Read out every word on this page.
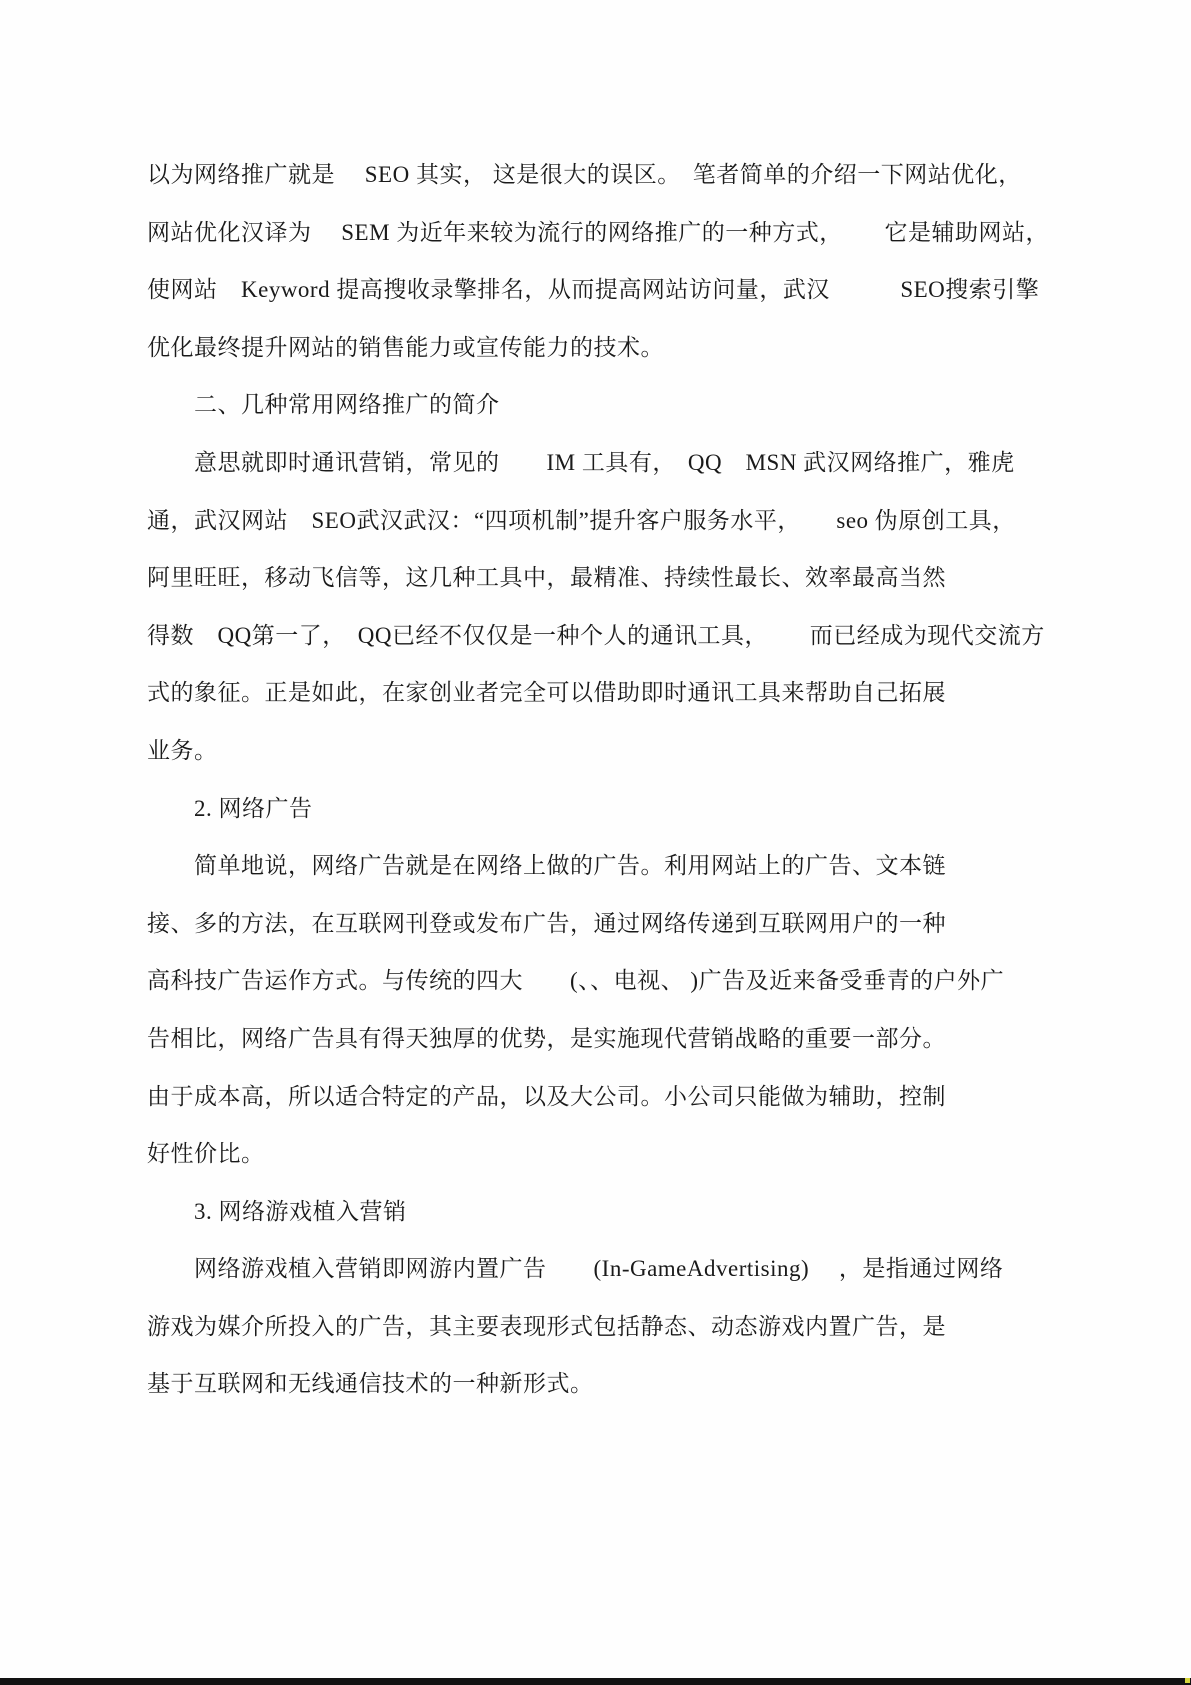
以为网络推广就是　 SEO 其实， 这是很大的误区。　笔者简单的介绍一下网站优化，
网站优化汉译为　 SEM 为近年来较为流行的网络推广的一种方式，　　 它是辅助网站，
使网站　Keyword 提高搜收录擎排名，从而提高网站访问量，武汉　　　SEO搜索引擎
优化最终提升网站的销售能力或宣传能力的技术。
　　二、几种常用网络推广的简介
　　意思就即时通讯营销，常见的　　IM 工具有，　QQ　MSN 武汉网络推广，雅虎
通，武汉网站　SEO武汉武汉：“四项机制”提升客户服务水平，　　seo 伪原创工具，
阿里旺旺，移动飞信等，这几种工具中，最精准、持续性最长、效率最高当然
得数　QQ第一了，　QQ已经不仅仅是一种个人的通讯工具，　　 而已经成为现代交流方
式的象征。正是如此，在家创业者完全可以借助即时通讯工具来帮助自己拓展
业务。
　　2. 网络广告
　　简单地说，网络广告就是在网络上做的广告。利用网站上的广告、文本链
接、多的方法，在互联网刊登或发布广告，通过网络传递到互联网用户的一种
高科技广告运作方式。与传统的四大　　(、、电视、 )广告及近来备受垂青的户外广
告相比，网络广告具有得天独厚的优势，是实施现代营销战略的重要一部分。
由于成本高，所以适合特定的产品，以及大公司。小公司只能做为辅助，控制
好性价比。
　　3. 网络游戏植入营销
　　网络游戏植入营销即网游内置广告　　(In-GameAdvertising)　 ，是指通过网络
游戏为媒介所投入的广告，其主要表现形式包括静态、动态游戏内置广告，是
基于互联网和无线通信技术的一种新形式。
